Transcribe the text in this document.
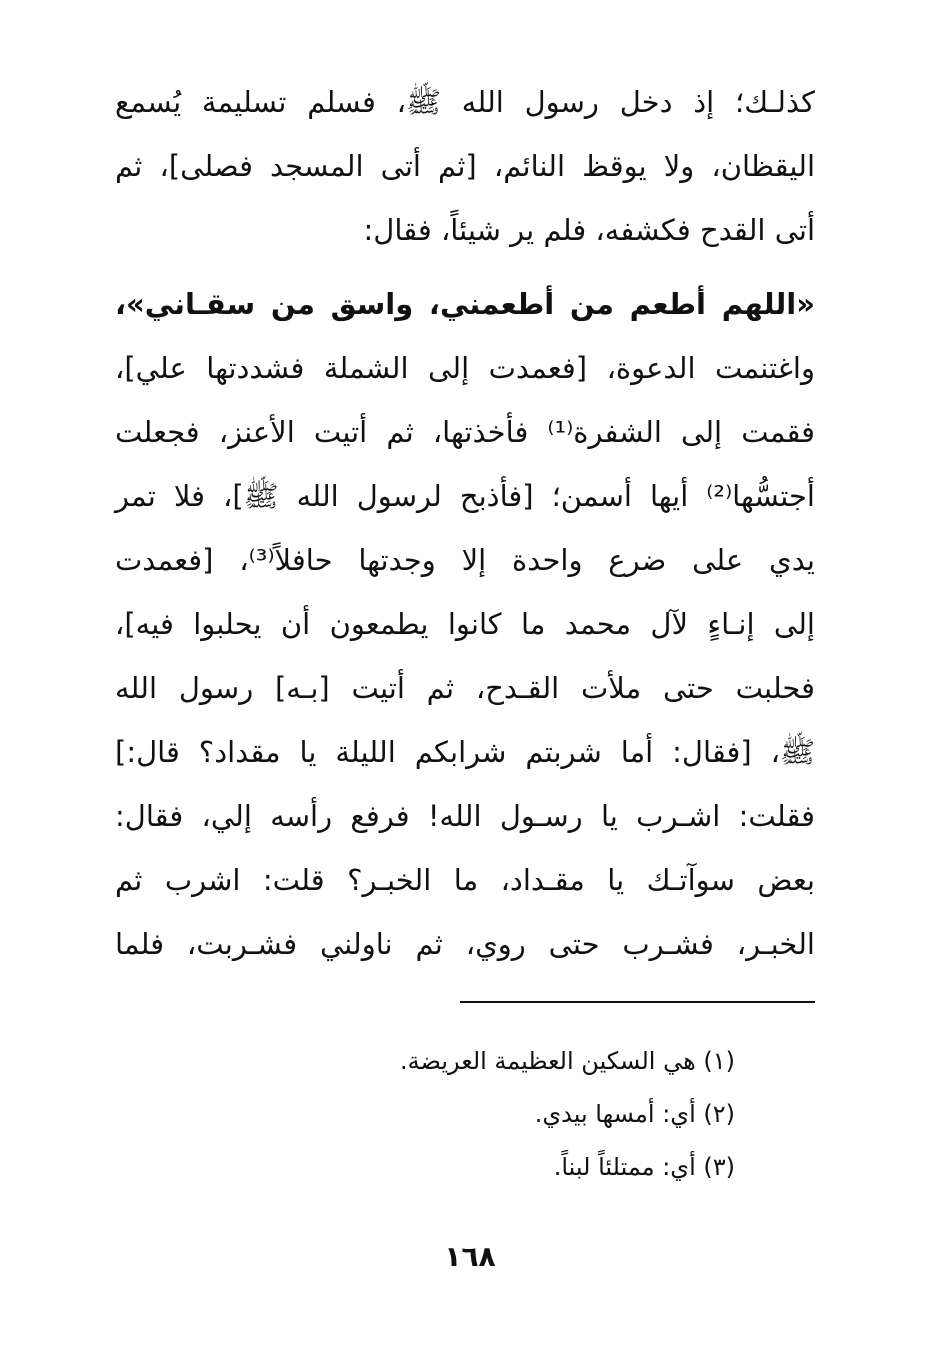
كذلـك؛ إذ دخل رسول الله ﷺ، فسلم تسليمة يُسمع
اليقظان، ولا يوقظ النائم، [ثم أتى المسجد فصلى]، ثم
أتى القدح فكشفه، فلم ير شيئاً، فقال:
«اللهم أطعم من أطعمني، واسق من سقـاني»،
واغتنمت الدعوة، [فعمدت إلى الشملة فشددتها علي]،
فقمت إلى الشفرة⁽¹⁾ فأخذتها، ثم أتيت الأعنز، فجعلت
أجتسُّها⁽²⁾ أيها أسمن؛ [فأذبح لرسول الله ﷺ]، فلا تمر
يدي على ضرع واحدة إلا وجدتها حافلاً⁽³⁾، [فعمدت
إلى إنـاءٍ لآل محمد ما كانوا يطمعون أن يحلبوا فيه]،
فحلبت حتى ملأت القـدح، ثم أتيت [بـه] رسول الله
ﷺ، [فقال: أما شربتم شرابكم الليلة يا مقداد؟ قال:]
فقلت: اشـرب يا رسـول الله! فرفع رأسه إلي، فقال:
بعض سوآتـك يا مقـداد، ما الخبـر؟ قلت: اشرب ثم
الخبـر، فشـرب حتى روي، ثم ناولني فشـربت، فلما
(١) هي السكين العظيمة العريضة.
(٢) أي: أمسها بيدي.
(٣) أي: ممتلئاً لبناً.
١٦٨
